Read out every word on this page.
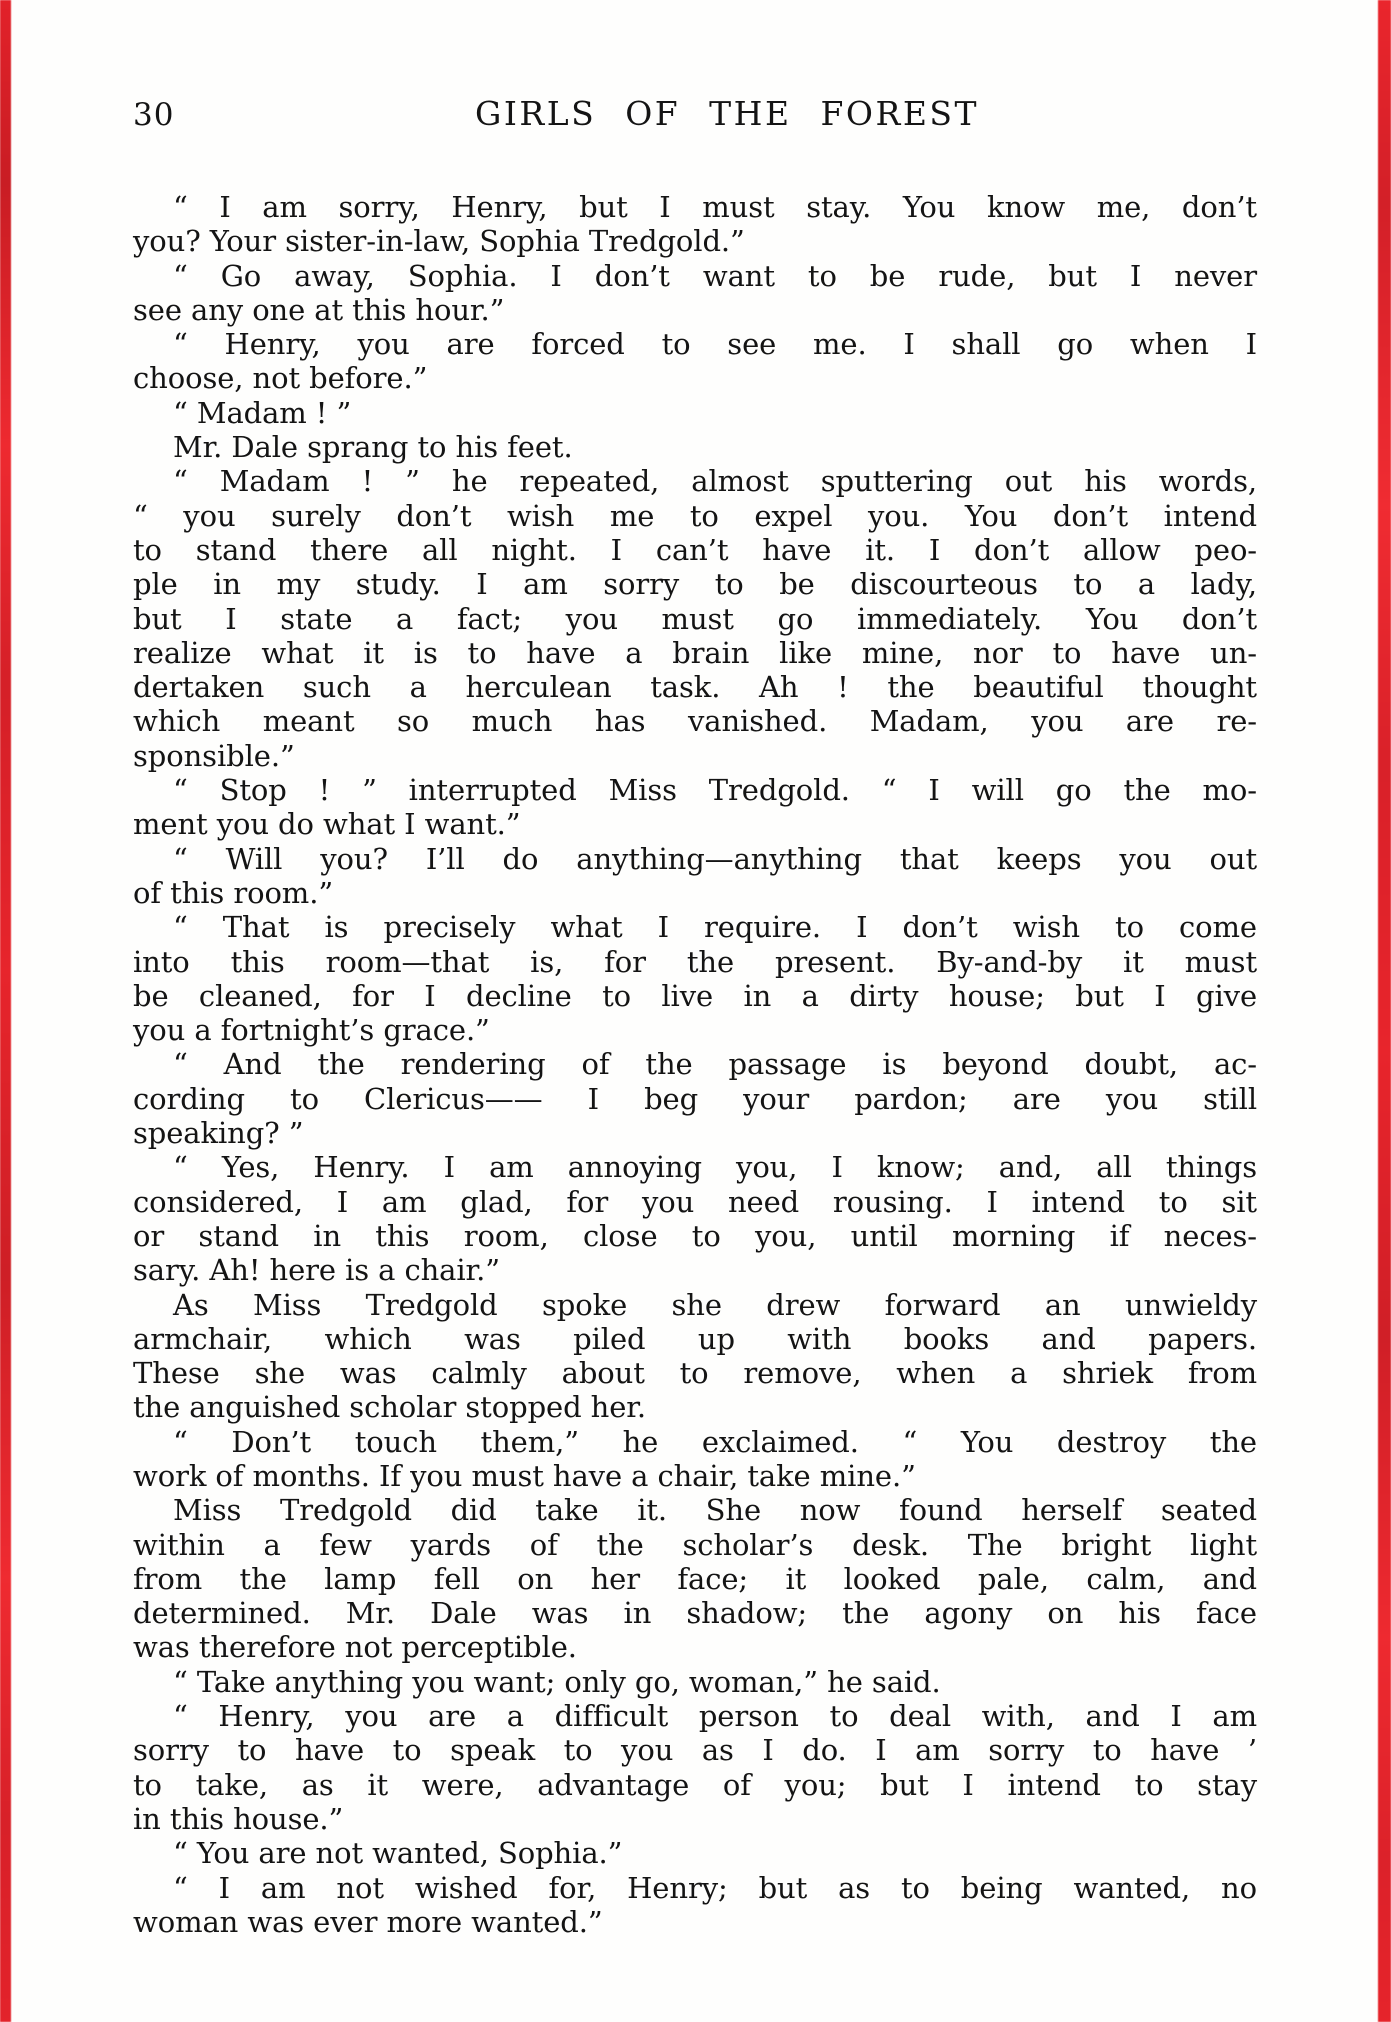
30	GIRLS OF THE FOREST
“ I am sorry, Henry, but I must stay. You know me, don’t
you? Your sister-in-law, Sophia Tredgold.”
“ Go away, Sophia. I don’t want to be rude, but I never
see any one at this hour.”
“ Henry, you are forced to see me. I shall go when I
choose, not before.”
“ Madam ! ”
Mr. Dale sprang to his feet.
“ Madam ! ” he repeated, almost sputtering out his words,
“ you surely don’t wish me to expel you. You don’t intend
to stand there all night. I can’t have it. I don’t allow peo-
ple in my study. I am sorry to be discourteous to a lady,
but I state a fact; you must go immediately. You don’t
realize what it is to have a brain like mine, nor to have un-
dertaken such a herculean task. Ah ! the beautiful thought
which meant so much has vanished. Madam, you are re-
sponsible.”
“ Stop ! ” interrupted Miss Tredgold. “ I will go the mo-
ment you do what I want.”
“ Will you? I’ll do anything—anything that keeps you out
of this room.”
“ That is precisely what I require. I don’t wish to come
into this room—that is, for the present. By-and-by it must
be cleaned, for I decline to live in a dirty house; but I give
you a fortnight’s grace.”
“ And the rendering of the passage is beyond doubt, ac-
cording to Clericus—— I beg your pardon; are you still
speaking? ”
“ Yes, Henry. I am annoying you, I know; and, all things
considered, I am glad, for you need rousing. I intend to sit
or stand in this room, close to you, until morning if neces-
sary. Ah! here is a chair.”
As Miss Tredgold spoke she drew forward an unwieldy
armchair, which was piled up with books and papers.
These she was calmly about to remove, when a shriek from
the anguished scholar stopped her.
“ Don’t touch them,” he exclaimed. “ You destroy the
work of months. If you must have a chair, take mine.”
Miss Tredgold did take it. She now found herself seated
within a few yards of the scholar’s desk. The bright light
from the lamp fell on her face; it looked pale, calm, and
determined. Mr. Dale was in shadow; the agony on his face
was therefore not perceptible.
“ Take anything you want; only go, woman,” he said.
“ Henry, you are a difficult person to deal with, and I am
sorry to have to speak to you as I do. I am sorry to have ’
to take, as it were, advantage of you; but I intend to stay
in this house.”
“ You are not wanted, Sophia.”
“ I am not wished for, Henry; but as to being wanted, no
woman was ever more wanted.”
